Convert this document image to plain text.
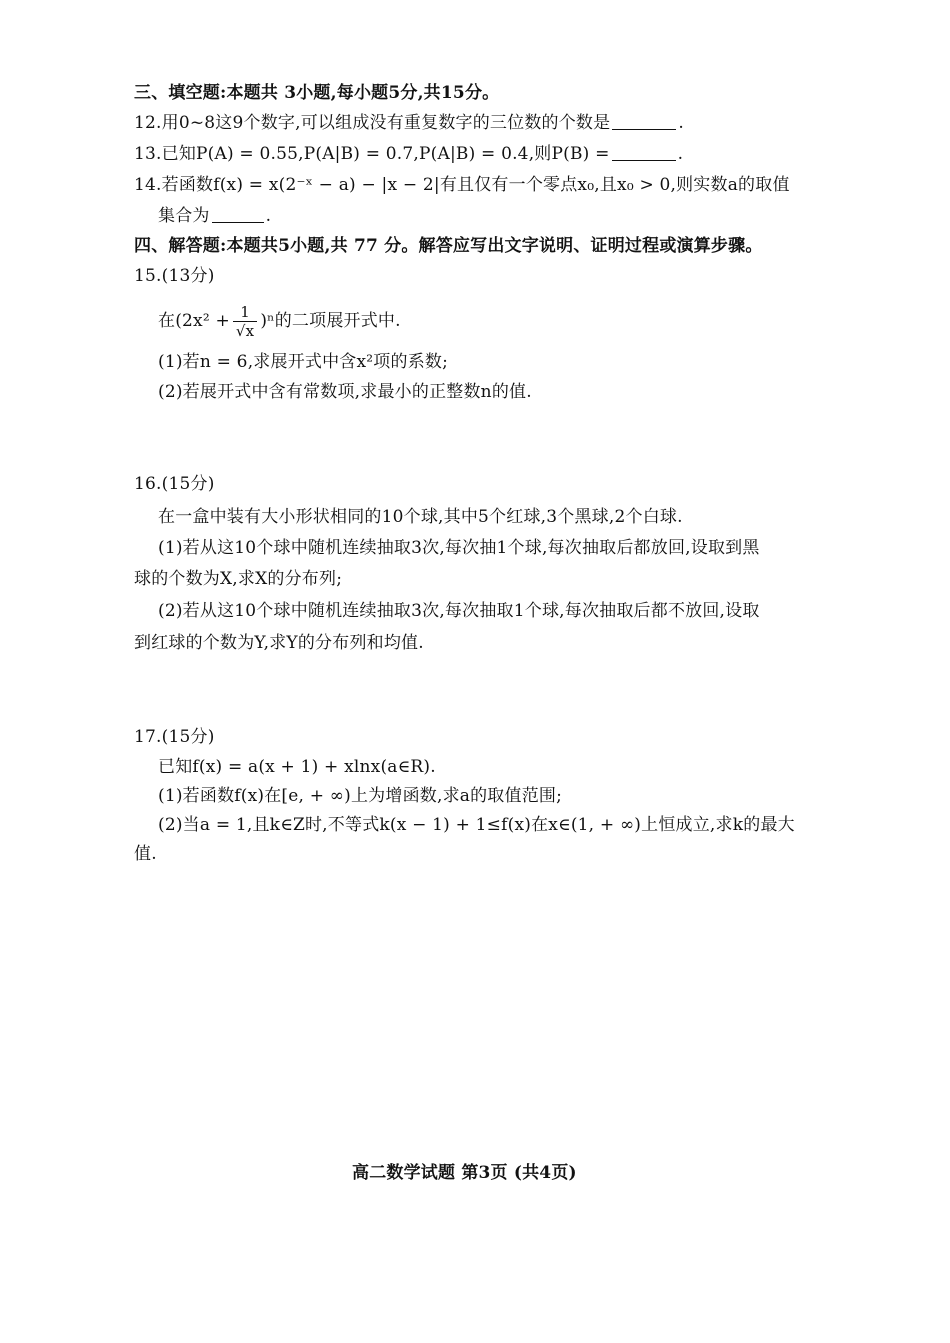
三、填空题:本题共 3小题,每小题5分,共15分。
12.用0~8这9个数字,可以组成没有重复数字的三位数的个数是	.
13.已知P(A) = 0.55,P(A|B) = 0.7,P(A|B) = 0.4,则P(B) =	.
14.若函数f(x) = x(2⁻ˣ − a) − |x − 2|有且仅有一个零点x₀,且x₀ > 0,则实数a的取值
集合为	.
四、解答题:本题共5小题,共 77 分。解答应写出文字说明、证明过程或演算步骤。
15.(13分)
在$(2x^2 + \frac{1}{√x} )^n$的二项展开式中.
(1)若n = 6,求展开式中含x²项的系数;
(2)若展开式中含有常数项,求最小的正整数n的值.
16.(15分)
在一盒中装有大小形状相同的10个球,其中5个红球,3个黑球,2个白球.
(1)若从这10个球中随机连续抽取3次,每次抽1个球,每次抽取后都放回,设取到黑
球的个数为X,求X的分布列;
(2)若从这10个球中随机连续抽取3次,每次抽取1个球,每次抽取后都不放回,设取
到红球的个数为Y,求Y的分布列和均值.
17.(15分)
已知f(x) = a(x + 1) + xlnx(a∈R).
(1)若函数f(x)在[e, + ∞)上为增函数,求a的取值范围;
(2)当a = 1,且k∈Z时,不等式k(x − 1) + 1≤f(x)在x∈(1, + ∞)上恒成立,求k的最大
值.
高二数学试题 第3页 (共4页)
